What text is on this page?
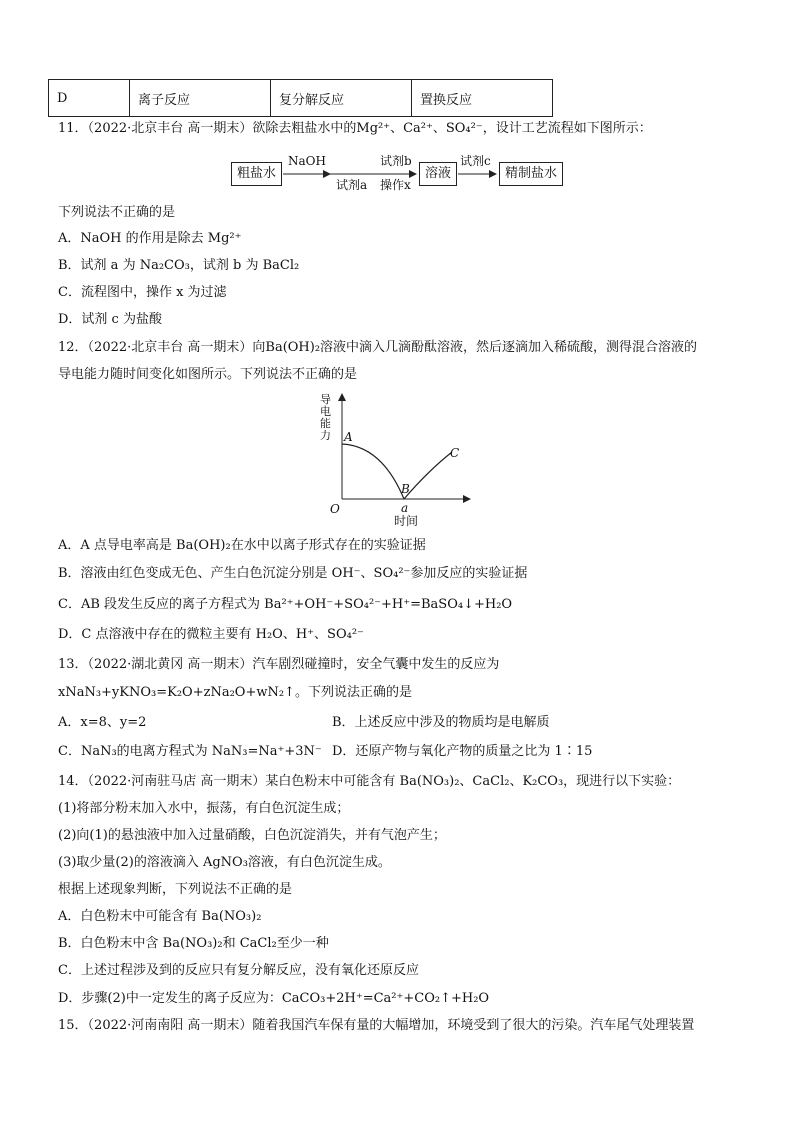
D	离子反应	复分解反应	置换反应
11．（2022·北京丰台 高一期末）欲除去粗盐水中的Mg²⁺、Ca²⁺、SO₄²⁻，设计工艺流程如下图所示：
粗盐水
NaOH
试剂a
试剂b
操作x
溶液
试剂c
精制盐水
下列说法不正确的是
A．NaOH 的作用是除去 Mg²⁺
B．试剂 a 为 Na₂CO₃，试剂 b 为 BaCl₂
C．流程图中，操作 x 为过滤
D．试剂 c 为盐酸
12．（2022·北京丰台 高一期末）向Ba(OH)₂溶液中滴入几滴酚酞溶液，然后逐滴加入稀硫酸，测得混合溶液的
导电能力随时间变化如图所示。下列说法不正确的是
导电能力 A
B
C
O	a
时间
A．A 点导电率高是 Ba(OH)₂在水中以离子形式存在的实验证据
B．溶液由红色变成无色、产生白色沉淀分别是 OH⁻、SO₄²⁻参加反应的实验证据
C．AB 段发生反应的离子方程式为 Ba²⁺+OH⁻+SO₄²⁻+H⁺=BaSO₄↓+H₂O
D．C 点溶液中存在的微粒主要有 H₂O、H⁺、SO₄²⁻
13．（2022·湖北黄冈 高一期末）汽车剧烈碰撞时，安全气囊中发生的反应为
xNaN₃+yKNO₃=K₂O+zNa₂O+wN₂↑。下列说法正确的是
A．x=8、y=2	B．上述反应中涉及的物质均是电解质
C．NaN₃的电离方程式为 NaN₃=Na⁺+3N⁻ D．还原产物与氧化产物的质量之比为 1∶15
14．（2022·河南驻马店 高一期末）某白色粉末中可能含有 Ba(NO₃)₂、CaCl₂、K₂CO₃，现进行以下实验：
(1)将部分粉末加入水中，振荡，有白色沉淀生成；
(2)向(1)的悬浊液中加入过量硝酸，白色沉淀消失，并有气泡产生；
(3)取少量(2)的溶液滴入 AgNO₃溶液，有白色沉淀生成。
根据上述现象判断，下列说法不正确的是
A．白色粉末中可能含有 Ba(NO₃)₂
B．白色粉末中含 Ba(NO₃)₂和 CaCl₂至少一种
C．上述过程涉及到的反应只有复分解反应，没有氧化还原反应
D．步骤(2)中一定发生的离子反应为：CaCO₃+2H⁺=Ca²⁺+CO₂↑+H₂O
15．（2022·河南南阳 高一期末）随着我国汽车保有量的大幅增加，环境受到了很大的污染。汽车尾气处理装置
